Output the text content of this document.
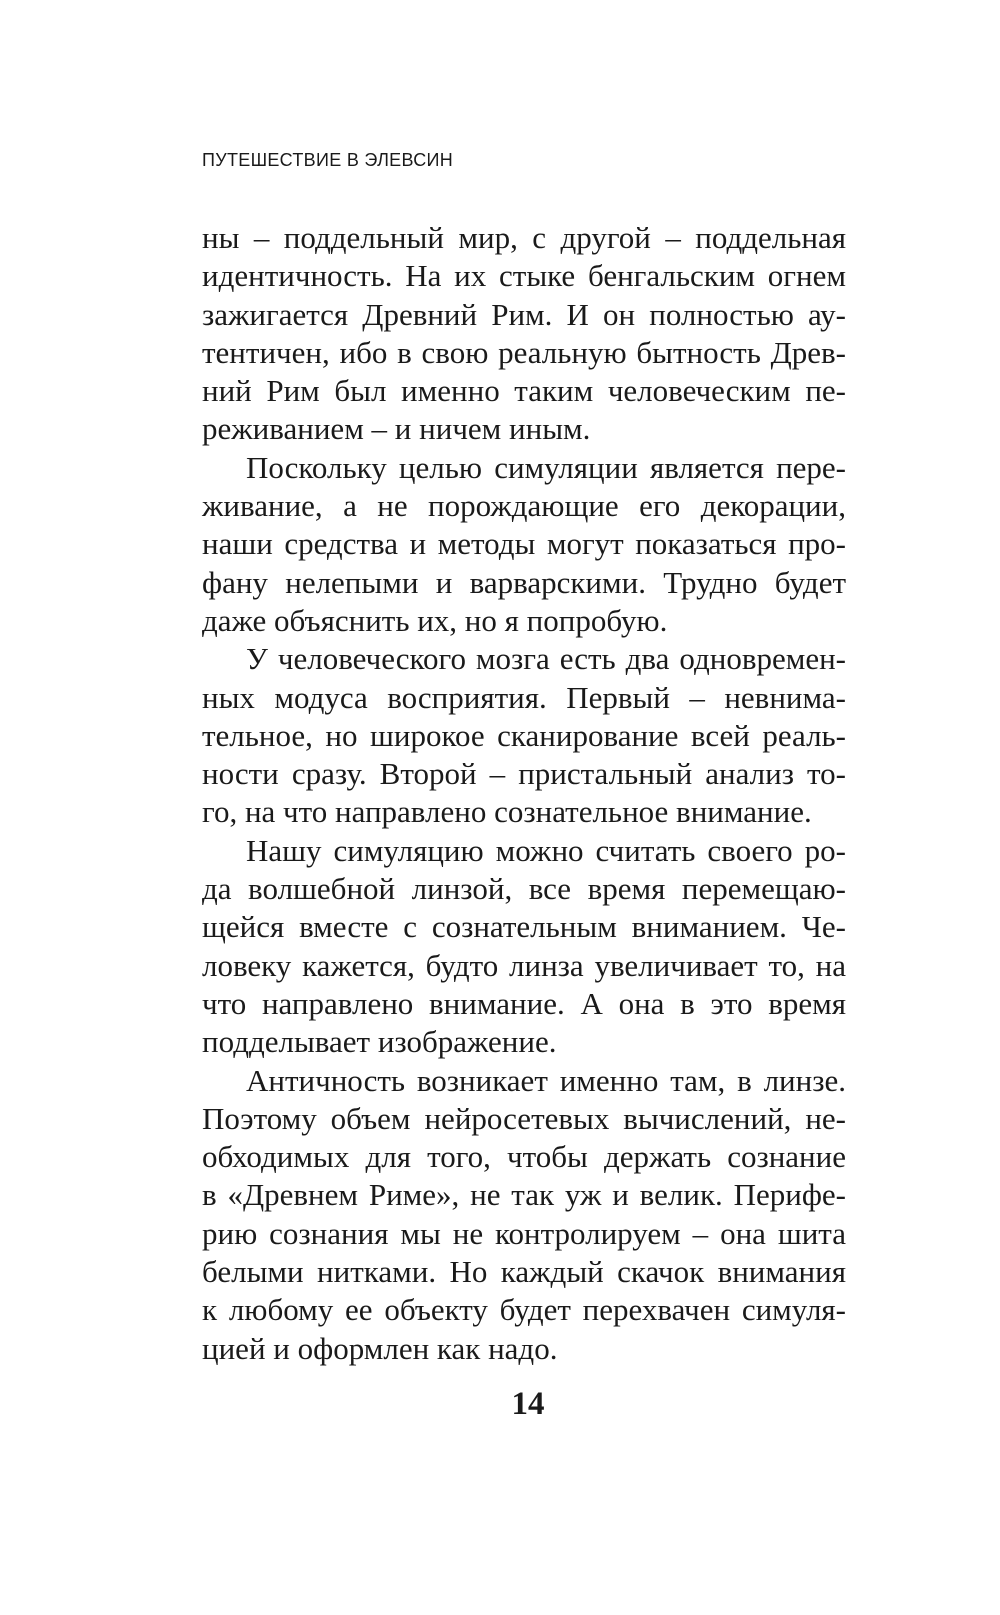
ПУТЕШЕСТВИЕ В ЭЛЕВСИН
ны – поддельный мир, с другой – поддельная
идентичность. На их стыке бенгальским огнем
зажигается Древний Рим. И он полностью ау-
тентичен, ибо в свою реальную бытность Древ-
ний Рим был именно таким человеческим пе-
реживанием – и ничем иным.
Поскольку целью симуляции является пере-
живание, а не порождающие его декорации,
наши средства и методы могут показаться про-
фану нелепыми и варварскими. Трудно будет
даже объяснить их, но я попробую.
У человеческого мозга есть два одновремен-
ных модуса восприятия. Первый – невнима-
тельное, но широкое сканирование всей реаль-
ности сразу. Второй – пристальный анализ то-
го, на что направлено сознательное внимание.
Нашу симуляцию можно считать своего ро-
да волшебной линзой, все время перемещаю-
щейся вместе с сознательным вниманием. Че-
ловеку кажется, будто линза увеличивает то, на
что направлено внимание. А она в это время
подделывает изображение.
Античность возникает именно там, в линзе.
Поэтому объем нейросетевых вычислений, не-
обходимых для того, чтобы держать сознание
в «Древнем Риме», не так уж и велик. Перифе-
рию сознания мы не контролируем – она шита
белыми нитками. Но каждый скачок внимания
к любому ее объекту будет перехвачен симуля-
цией и оформлен как надо.
14
